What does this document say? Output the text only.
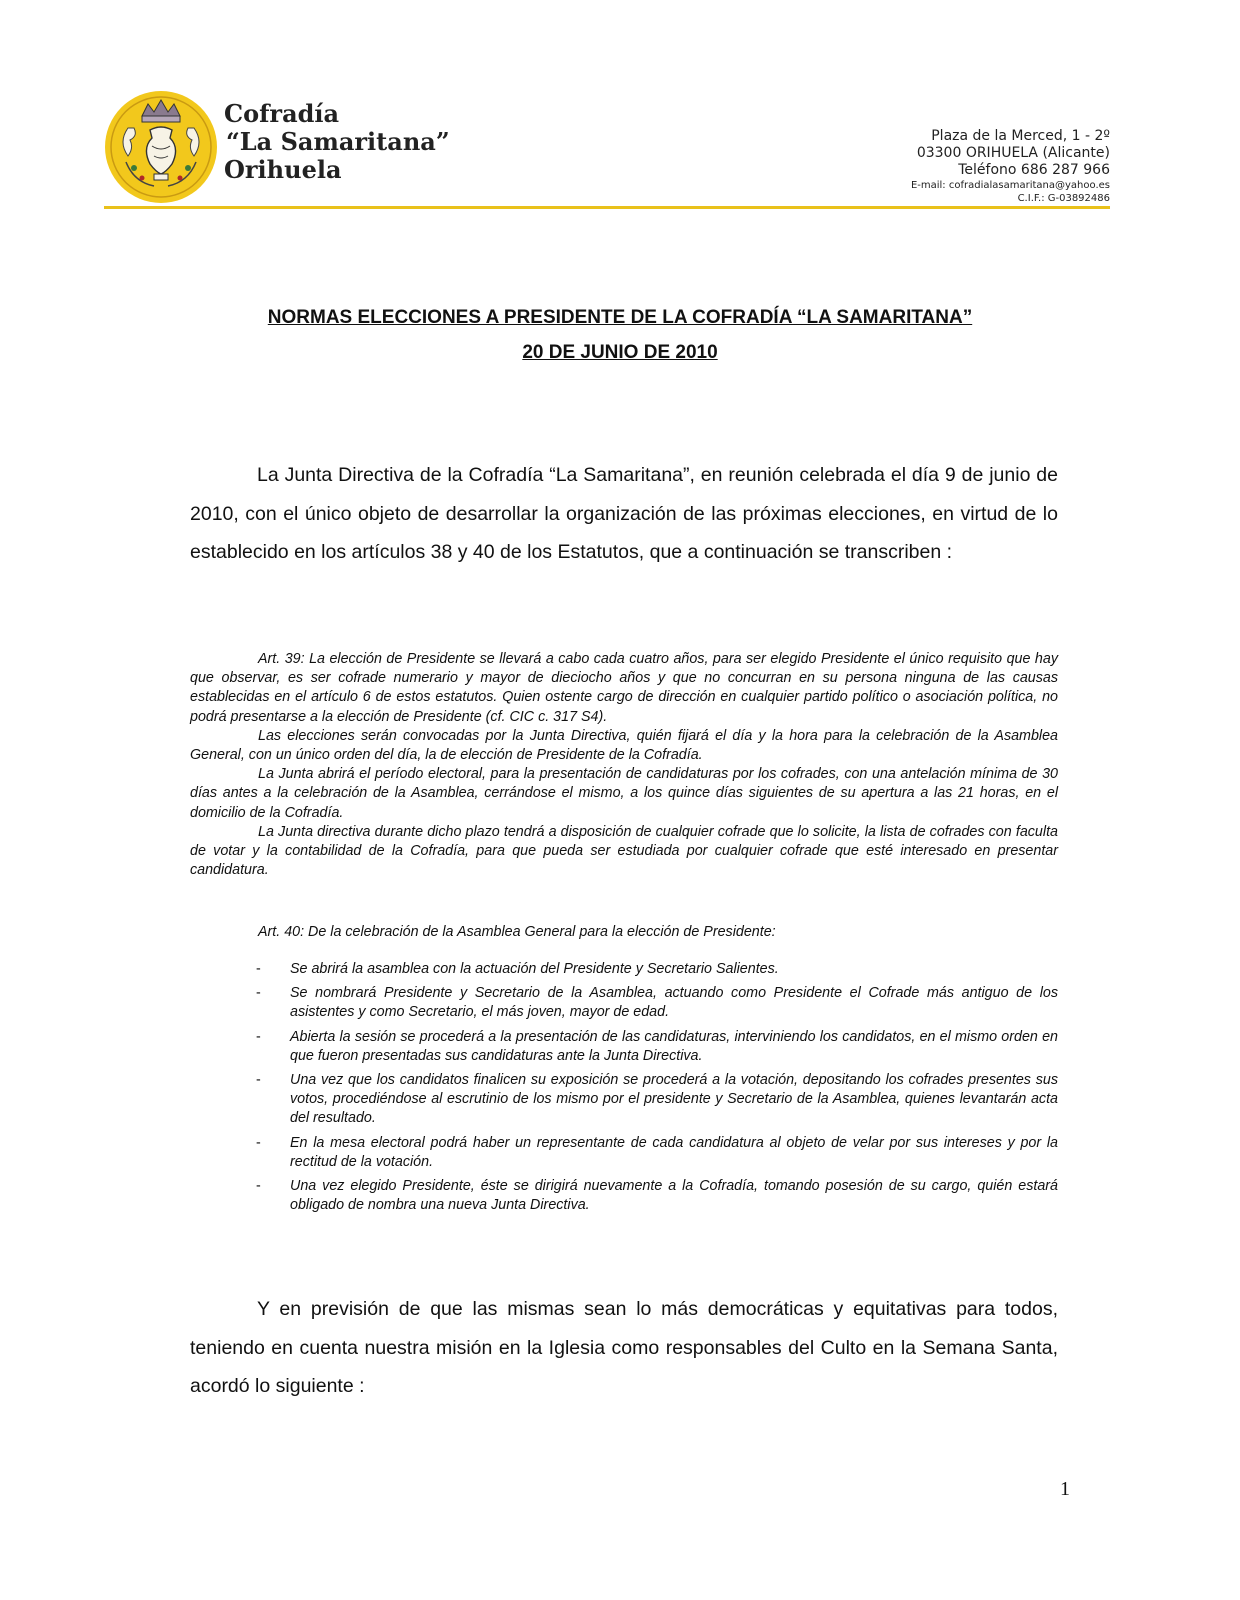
Cofradía
“La Samaritana”
Orihuela
Plaza de la Merced, 1 - 2º
03300 ORIHUELA (Alicante)
Teléfono 686 287 966
E-mail: cofradialasamaritana@yahoo.es
C.I.F.: G-03892486
NORMAS ELECCIONES A PRESIDENTE DE LA COFRADÍA “LA SAMARITANA”
20 DE JUNIO DE 2010

La Junta Directiva de la Cofradía “La Samaritana”, en reunión celebrada el día 9 de junio de 2010, con el único objeto de desarrollar la organización de las próximas elecciones, en virtud de lo establecido en los artículos 38 y 40 de los Estatutos, que a continuación se transcriben :

Art. 39: La elección de Presidente se llevará a cabo cada cuatro años, para ser elegido Presidente el único requisito que hay que observar, es ser cofrade numerario y mayor de dieciocho años y que no concurran en su persona ninguna de las causas establecidas en el artículo 6 de estos estatutos. Quien ostente cargo de dirección en cualquier partido político o asociación política, no podrá presentarse a la elección de Presidente (cf. CIC c. 317 S4).

Las elecciones serán convocadas por la Junta Directiva, quién fijará el día y la hora para la celebración de la Asamblea General, con un único orden del día, la de elección de Presidente de la Cofradía.

La Junta abrirá el período electoral, para la presentación de candidaturas por los cofrades, con una antelación mínima de 30 días antes a la celebración de la Asamblea, cerrándose el mismo, a los quince días siguientes de su apertura a las 21 horas, en el domicilio de la Cofradía.

La Junta directiva durante dicho plazo tendrá a disposición de cualquier cofrade que lo solicite, la lista de cofrades con faculta de votar y la contabilidad de la Cofradía, para que pueda ser estudiada por cualquier cofrade que esté interesado en presentar candidatura.

Art. 40: De la celebración de la Asamblea General para la elección de Presidente:
- Se abrirá la asamblea con la actuación del Presidente y Secretario Salientes.
- Se nombrará Presidente y Secretario de la Asamblea, actuando como Presidente el Cofrade más antiguo de los asistentes y como Secretario, el más joven, mayor de edad.
- Abierta la sesión se procederá a la presentación de las candidaturas, interviniendo los candidatos, en el mismo orden en que fueron presentadas sus candidaturas ante la Junta Directiva.
- Una vez que los candidatos finalicen su exposición se procederá a la votación, depositando los cofrades presentes sus votos, procediéndose al escrutinio de los mismo por el presidente y Secretario de la Asamblea, quienes levantarán acta del resultado.
- En la mesa electoral podrá haber un representante de cada candidatura al objeto de velar por sus intereses y por la rectitud de la votación.
- Una vez elegido Presidente, éste se dirigirá nuevamente a la Cofradía, tomando posesión de su cargo, quién estará obligado de nombra una nueva Junta Directiva.

Y en previsión de que las mismas sean lo más democráticas y equitativas para todos, teniendo en cuenta nuestra misión en la Iglesia como responsables del Culto en la Semana Santa, acordó lo siguiente :

1
